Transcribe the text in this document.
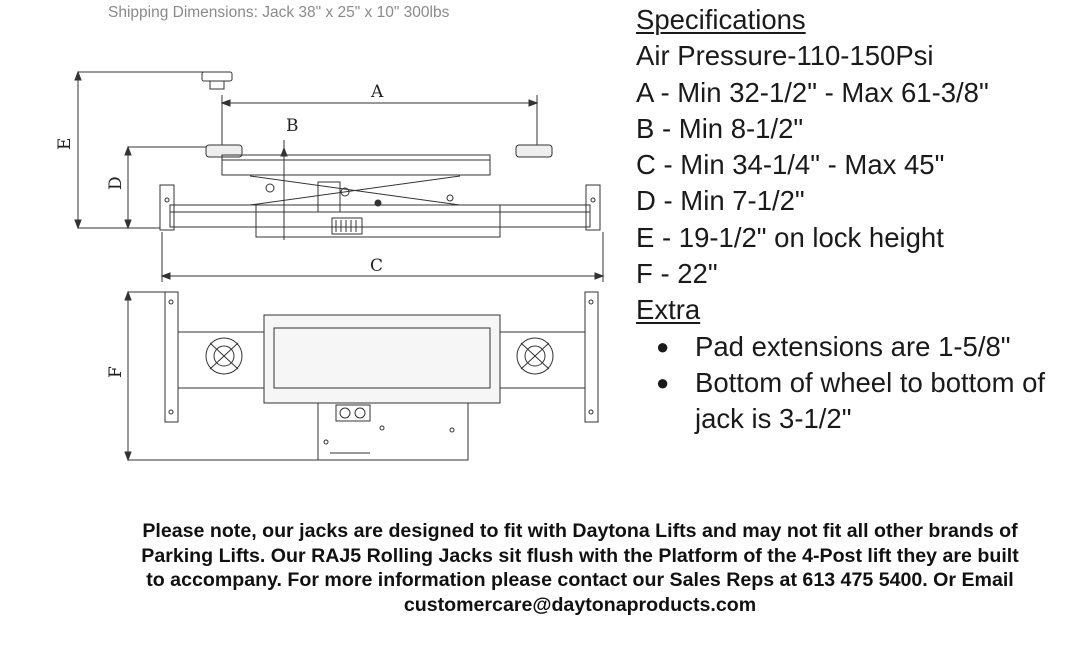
Shipping Dimensions: Jack 38" x 25" x 10" 300lbs
A
B
C
D
E
F
Specifications
Air Pressure-110-150Psi
A - Min 32-1/2" - Max 61-3/8"
B - Min 8-1/2"
C - Min 34-1/4" - Max 45"
D - Min 7-1/2"
E - 19-1/2" on lock height
F - 22"
Extra
● Pad extensions are 1-5/8"
● Bottom of wheel to bottom of jack is 3-1/2"
Please note, our jacks are designed to fit with Daytona Lifts and may not fit all other brands of Parking Lifts. Our RAJ5 Rolling Jacks sit flush with the Platform of the 4-Post lift they are built to accompany. For more information please contact our Sales Reps at 613 475 5400. Or Email customercare@daytonaproducts.com
